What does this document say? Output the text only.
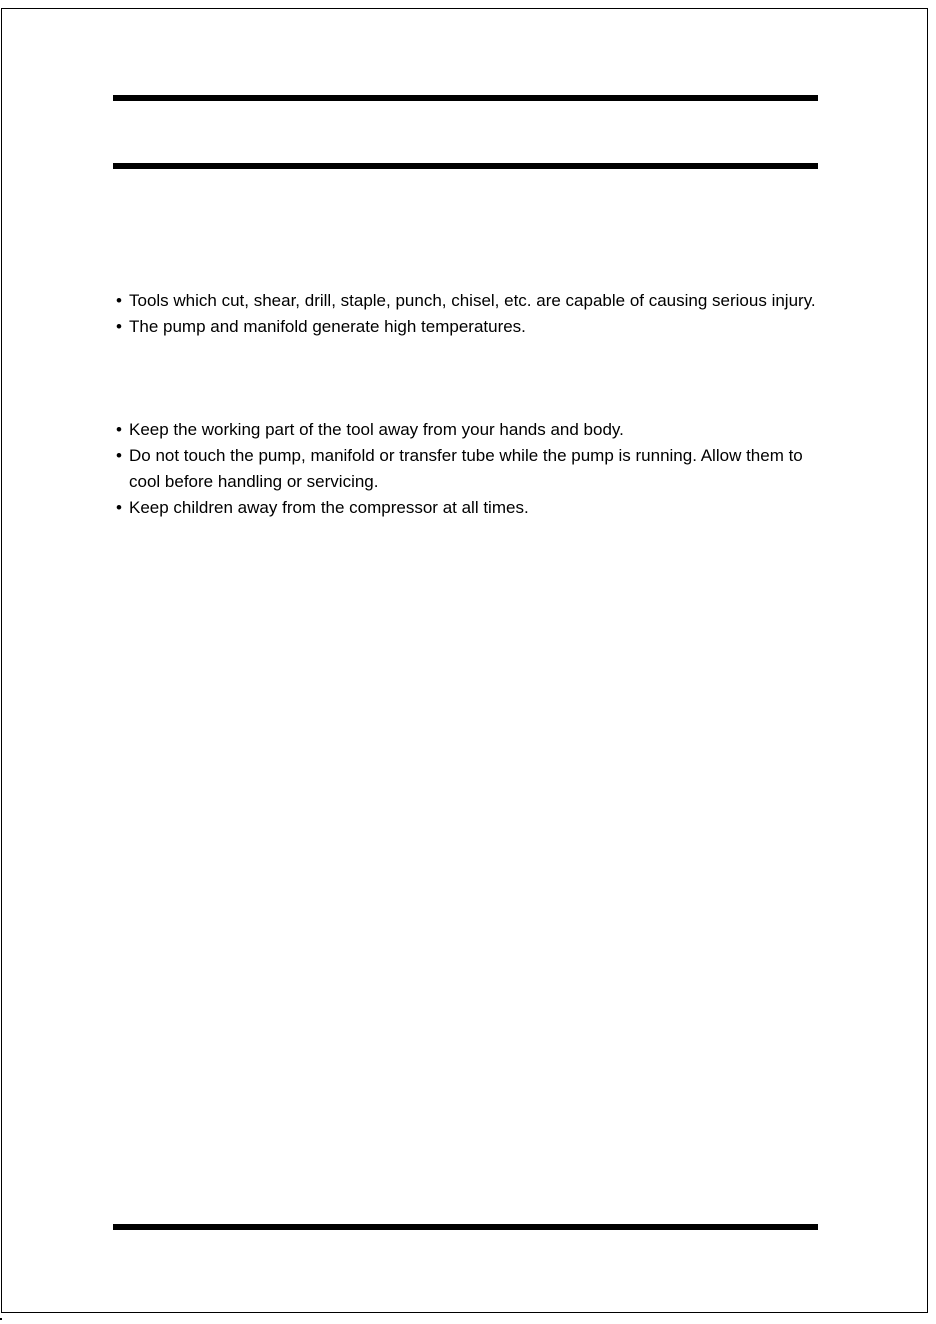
• Tools which cut, shear, drill, staple, punch, chisel, etc. are capable of causing serious injury.
• The pump and manifold generate high temperatures.
• Keep the working part of the tool away from your hands and body.
• Do not touch the pump, manifold or transfer tube while the pump is running. Allow them to cool before handling or servicing.
• Keep children away from the compressor at all times.
